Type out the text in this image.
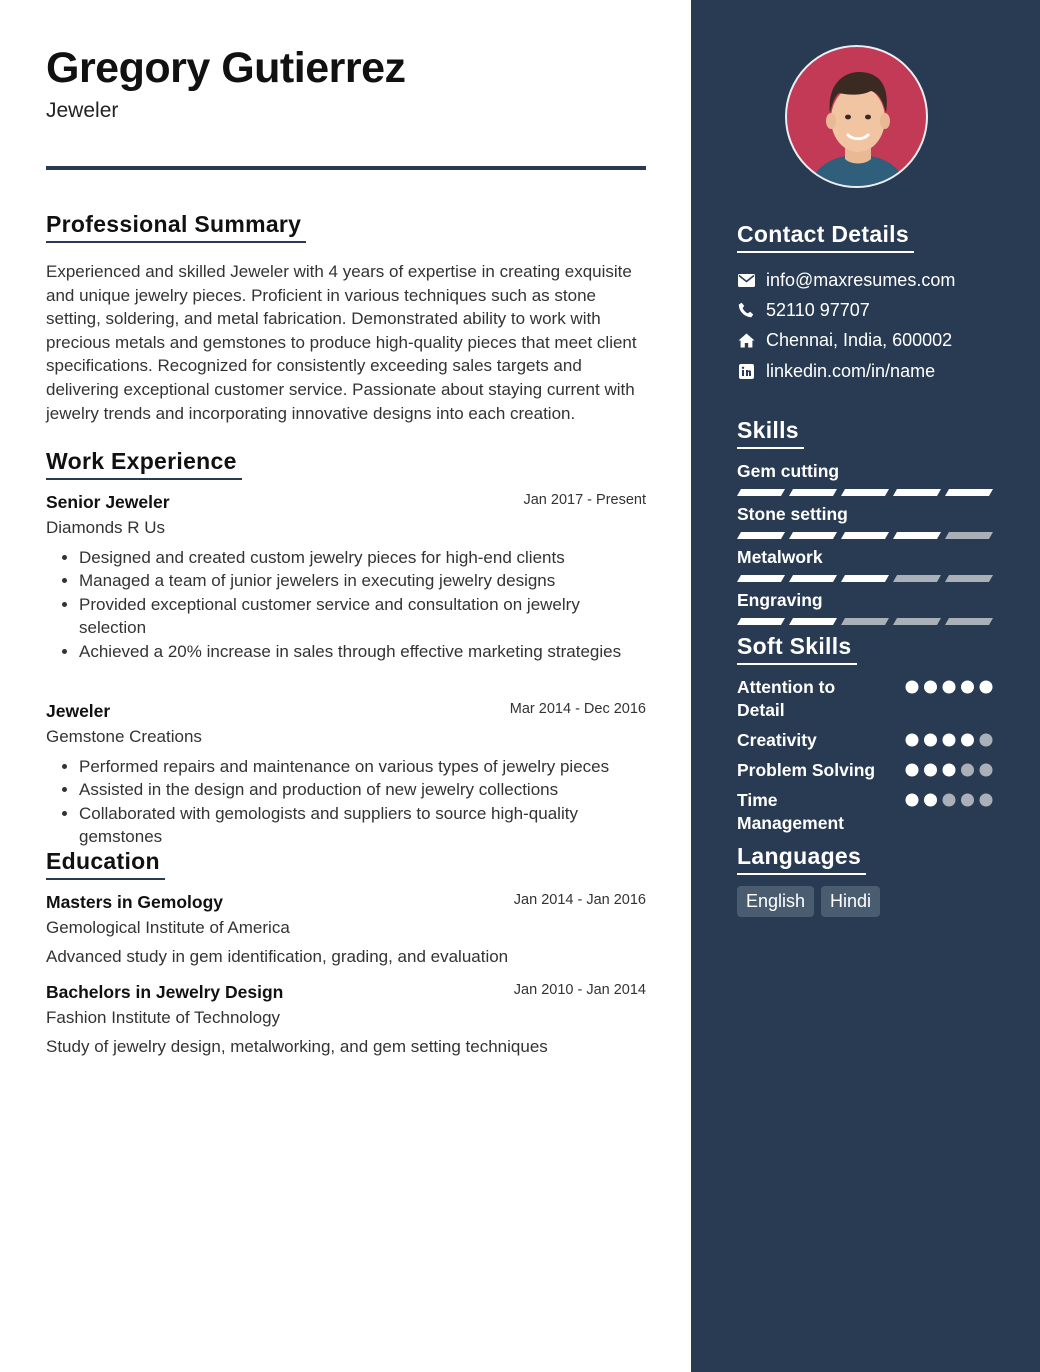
Gregory Gutierrez
Jeweler
Professional Summary
Experienced and skilled Jeweler with 4 years of expertise in creating exquisite and unique jewelry pieces. Proficient in various techniques such as stone setting, soldering, and metal fabrication. Demonstrated ability to work with precious metals and gemstones to produce high-quality pieces that meet client specifications. Recognized for consistently exceeding sales targets and delivering exceptional customer service. Passionate about staying current with jewelry trends and incorporating innovative designs into each creation.
Work Experience
Senior Jeweler	Jan 2017 - Present
Diamonds R Us
• Designed and created custom jewelry pieces for high-end clients
• Managed a team of junior jewelers in executing jewelry designs
• Provided exceptional customer service and consultation on jewelry selection
• Achieved a 20% increase in sales through effective marketing strategies
Jeweler	Mar 2014 - Dec 2016
Gemstone Creations
• Performed repairs and maintenance on various types of jewelry pieces
• Assisted in the design and production of new jewelry collections
• Collaborated with gemologists and suppliers to source high-quality gemstones
Education
Masters in Gemology	Jan 2014 - Jan 2016
Gemological Institute of America
Advanced study in gem identification, grading, and evaluation
Bachelors in Jewelry Design	Jan 2010 - Jan 2014
Fashion Institute of Technology
Study of jewelry design, metalworking, and gem setting techniques
Contact Details
info@maxresumes.com
52110 97707
Chennai, India, 600002
linkedin.com/in/name
Skills
Gem cutting
Stone setting
Metalwork
Engraving
Soft Skills
Attention to Detail
Creativity
Problem Solving
Time Management
Languages
English	Hindi
